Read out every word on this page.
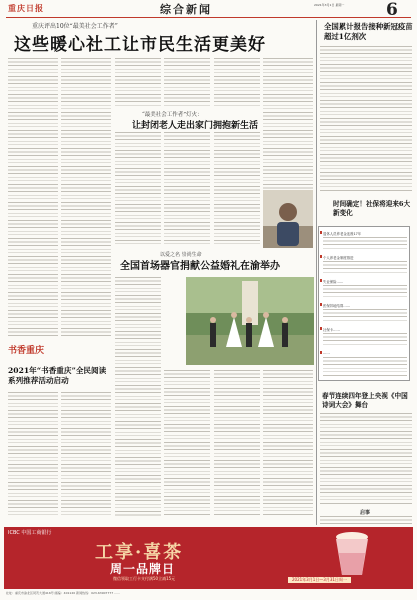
重庆日报	综合新闻	2021年3月1日 星期一	6
重庆评出10位“最美社会工作者”
这些暖心社工让市民生活更美好
“最美社会工作者”灯火：
让封闭老人走出家门拥抱新生活
以爱之名 崇尚生命
全国首场器官捐献公益婚礼在渝举办
书香重庆
2021年“书香重庆”全民阅读系列推荐活动启动
全国累计报告接种新冠疫苗超过1亿剂次
时间确定！社保将迎来6大新变化
退休人员养老金连涨17年
个人养老金制度推进
失业保险……
医保异地结算……
社保卡……
……
春节连续四年登上央视《中国诗词大会》舞台
启事
ICBC 中国工商银行
工享·喜茶
周一品牌日
微信领取工行卡支付满50立减15元	2021年3月1日—3月31日周一
社址：重庆市渝北区同茂大道416号 邮编：401120 新闻热线：023-63907777 ……
